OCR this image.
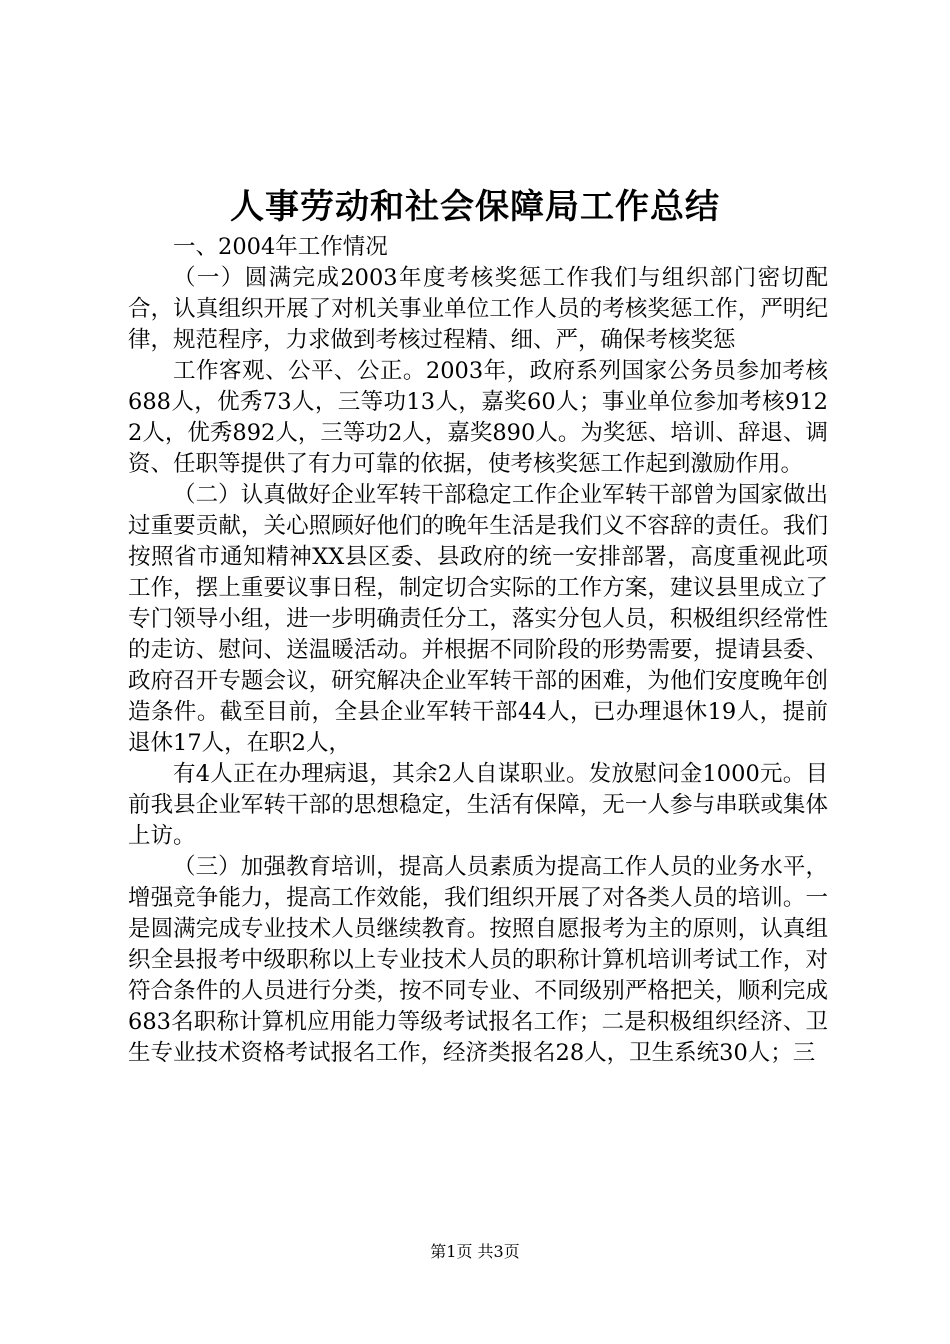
人事劳动和社会保障局工作总结

一、2004年工作情况

（一）圆满完成2003年度考核奖惩工作我们与组织部门密切配合，认真组织开展了对机关事业单位工作人员的考核奖惩工作，严明纪律，规范程序，力求做到考核过程精、细、严，确保考核奖惩

工作客观、公平、公正。2003年，政府系列国家公务员参加考核688人，优秀73人，三等功13人，嘉奖60人；事业单位参加考核9122人，优秀892人，三等功2人，嘉奖890人。为奖惩、培训、辞退、调资、任职等提供了有力可靠的依据，使考核奖惩工作起到激励作用。

（二）认真做好企业军转干部稳定工作企业军转干部曾为国家做出过重要贡献，关心照顾好他们的晚年生活是我们义不容辞的责任。我们按照省市通知精神XX县区委、县政府的统一安排部署，高度重视此项工作，摆上重要议事日程，制定切合实际的工作方案，建议县里成立了专门领导小组，进一步明确责任分工，落实分包人员，积极组织经常性的走访、慰问、送温暖活动。并根据不同阶段的形势需要，提请县委、政府召开专题会议，研究解决企业军转干部的困难，为他们安度晚年创造条件。截至目前，全县企业军转干部44人，已办理退休19人，提前退休17人，在职2人，

有4人正在办理病退，其余2人自谋职业。发放慰问金1000元。目前我县企业军转干部的思想稳定，生活有保障，无一人参与串联或集体上访。

（三）加强教育培训，提高人员素质为提高工作人员的业务水平，增强竞争能力，提高工作效能，我们组织开展了对各类人员的培训。一是圆满完成专业技术人员继续教育。按照自愿报考为主的原则，认真组织全县报考中级职称以上专业技术人员的职称计算机培训考试工作，对符合条件的人员进行分类，按不同专业、不同级别严格把关，顺利完成683名职称计算机应用能力等级考试报名工作；二是积极组织经济、卫生专业技术资格考试报名工作，经济类报名28人，卫生系统30人；三

第1页 共3页
